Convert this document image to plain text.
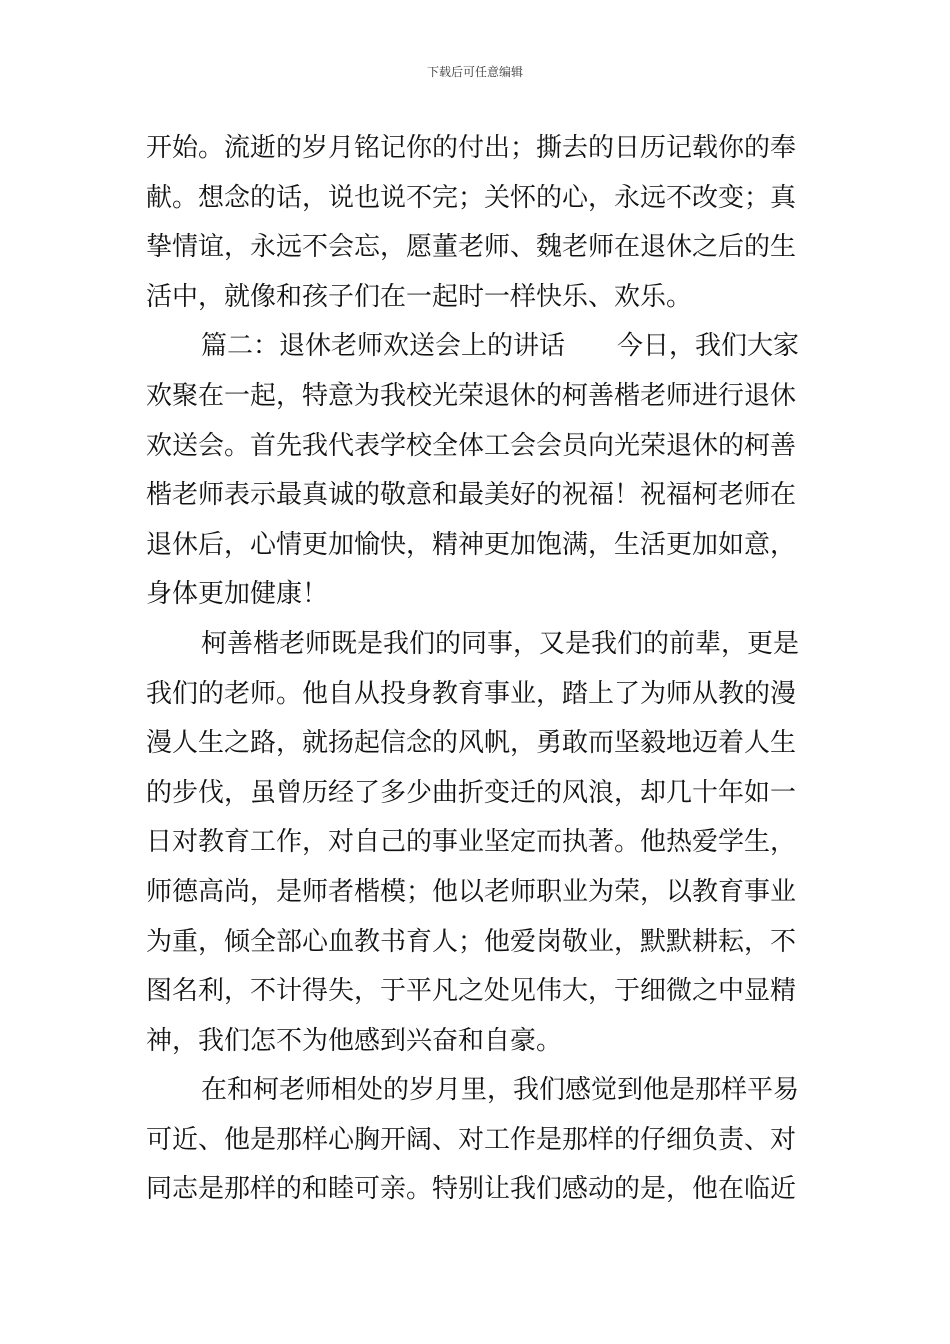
下载后可任意编辑
开始。流逝的岁月铭记你的付出；撕去的日历记载你的奉
献。想念的话，说也说不完；关怀的心，永远不改变；真
挚情谊，永远不会忘，愿董老师、魏老师在退休之后的生
活中，就像和孩子们在一起时一样快乐、欢乐。
篇二：退休老师欢送会上的讲话　　今日，我们大家
欢聚在一起，特意为我校光荣退休的柯善楷老师进行退休
欢送会。首先我代表学校全体工会会员向光荣退休的柯善
楷老师表示最真诚的敬意和最美好的祝福！祝福柯老师在
退休后，心情更加愉快，精神更加饱满，生活更加如意，
身体更加健康！
柯善楷老师既是我们的同事，又是我们的前辈，更是
我们的老师。他自从投身教育事业，踏上了为师从教的漫
漫人生之路，就扬起信念的风帆，勇敢而坚毅地迈着人生
的步伐，虽曾历经了多少曲折变迁的风浪，却几十年如一
日对教育工作，对自己的事业坚定而执著。他热爱学生，
师德高尚，是师者楷模；他以老师职业为荣，以教育事业
为重，倾全部心血教书育人；他爱岗敬业，默默耕耘，不
图名利，不计得失，于平凡之处见伟大，于细微之中显精
神，我们怎不为他感到兴奋和自豪。
在和柯老师相处的岁月里，我们感觉到他是那样平易
可近、他是那样心胸开阔、对工作是那样的仔细负责、对
同志是那样的和睦可亲。特别让我们感动的是，他在临近
